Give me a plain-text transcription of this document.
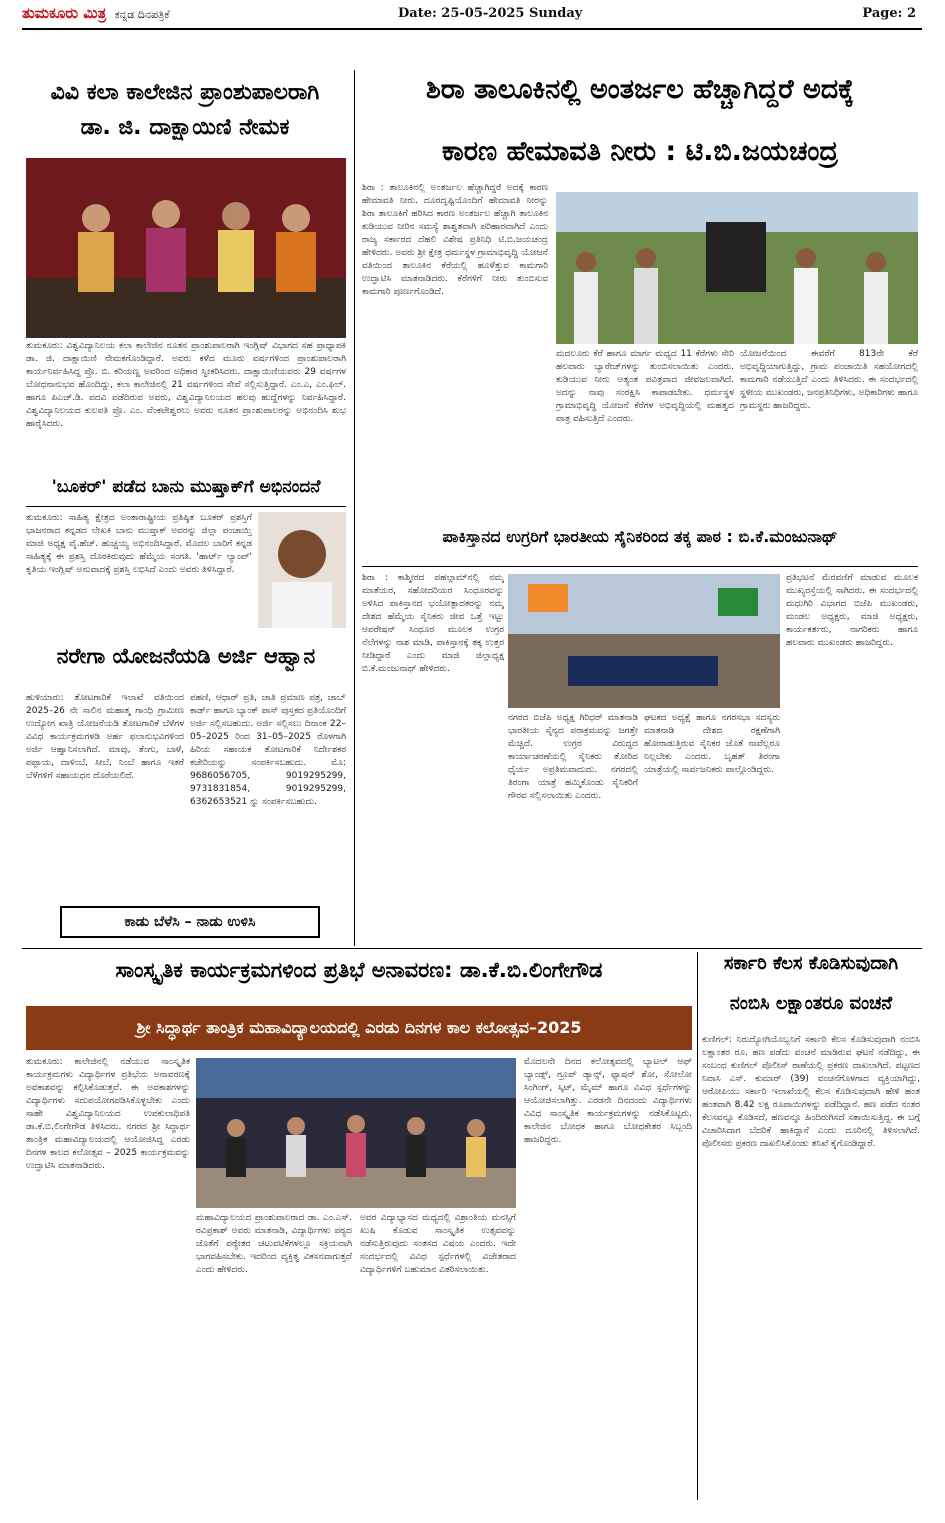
ತುಮಕೂರು ಮಿತ್ರ ಕನ್ನಡ ದಿನಪತ್ರಿಕೆ	Date: 25-05-2025 Sunday	Page: 2
ವಿವಿ ಕಲಾ ಕಾಲೇಜಿನ ಪ್ರಾಂಶುಪಾಲರಾಗಿ
ಡಾ. ಜಿ. ದಾಕ್ಷಾಯಿಣಿ ನೇಮಕ
ತುಮಕೂರು: ವಿಶ್ವವಿದ್ಯಾನಿಲಯ ಕಲಾ ಕಾಲೇಜಿನ ನೂತನ ಪ್ರಾಂಶುಪಾಲರಾಗಿ ಇಂಗ್ಲಿಷ್ ವಿಭಾಗದ ಸಹ ಪ್ರಾಧ್ಯಾಪಕಿ ಡಾ. ಜಿ. ದಾಕ್ಷಾಯಿಣಿ ನೇಮಕಗೊಂಡಿದ್ದಾರೆ. ಅವರು ಕಳೆದ ಮೂರು ವರ್ಷಗಳಿಂದ ಪ್ರಾಂಶುಪಾಲರಾಗಿ ಕಾರ್ಯನಿರ್ವಹಿಸಿದ್ದ ಪ್ರೊ. ಬಿ. ಕರಿಯಣ್ಣ ಅವರಿಂದ ಅಧಿಕಾರ ಸ್ವೀಕರಿಸಿದರು. ದಾಕ್ಷಾಯಿಣಿಯವರು 29 ವರ್ಷಗಳ ಬೋಧನಾನುಭವ ಹೊಂದಿದ್ದು, ಕಲಾ ಕಾಲೇಜಿನಲ್ಲಿ 21 ವರ್ಷಗಳಿಂದ ಸೇವೆ ಸಲ್ಲಿಸುತ್ತಿದ್ದಾರೆ. ಎಂ.ಎ, ಎಂ.ಫಿಲ್. ಹಾಗೂ ಪಿಎಚ್.ಡಿ. ಪದವಿ ಪಡೆದಿರುವ ಅವರು, ವಿಶ್ವವಿದ್ಯಾನಿಲಯದ ಹಲವು ಹುದ್ದೆಗಳನ್ನು ನಿರ್ವಹಿಸಿದ್ದಾರೆ. ವಿಶ್ವವಿದ್ಯಾನಿಲಯದ ಕುಲಪತಿ ಪ್ರೊ. ಎಂ. ವೆಂಕಟೇಶ್ವರಲು ಅವರು ನೂತನ ಪ್ರಾಂಶುಪಾಲರನ್ನು ಅಭಿನಂದಿಸಿ ಶುಭ ಹಾರೈಸಿದರು.
'ಬೂಕರ್' ಪಡೆದ ಬಾನು ಮುಷ್ತಾಕ್‌ಗೆ ಅಭಿನಂದನೆ
ತುಮಕೂರು: ಸಾಹಿತ್ಯ ಕ್ಷೇತ್ರದ ಅಂತಾರಾಷ್ಟ್ರೀಯ ಪ್ರತಿಷ್ಠಿತ ಬೂಕರ್ ಪ್ರಶಸ್ತಿಗೆ ಭಾಜನರಾದ ಕನ್ನಡದ ಲೇಖಕಿ ಬಾನು ಮುಷ್ತಾಕ್ ಅವರನ್ನು ಜಿಲ್ಲಾ ಪಂಚಾಯ್ತಿ ಮಾಜಿ ಅಧ್ಯಕ್ಷ ವೈ.ಹೆಚ್. ಹುಚ್ಚಯ್ಯ ಅಭಿನಂದಿಸಿದ್ದಾರೆ. ಮೊದಲ ಬಾರಿಗೆ ಕನ್ನಡ ಸಾಹಿತ್ಯಕ್ಕೆ ಈ ಪ್ರಶಸ್ತಿ ದೊರಕಿರುವುದು ಹೆಮ್ಮೆಯ ಸಂಗತಿ. 'ಹಾರ್ಟ್ ಲ್ಯಾಂಪ್' ಕೃತಿಯ ಇಂಗ್ಲಿಷ್ ಅನುವಾದಕ್ಕೆ ಪ್ರಶಸ್ತಿ ಲಭಿಸಿದೆ ಎಂದು ಅವರು ತಿಳಿಸಿದ್ದಾರೆ.
ನರೇಗಾ ಯೋಜನೆಯಡಿ ಅರ್ಜಿ ಆಹ್ವಾನ
ಹುಳಿಯಾರು: ತೋಟಗಾರಿಕೆ ಇಲಾಖೆ ವತಿಯಿಂದ 2025–26 ನೇ ಸಾಲಿನ ಮಹಾತ್ಮ ಗಾಂಧಿ ಗ್ರಾಮೀಣ ಉದ್ಯೋಗ ಖಾತ್ರಿ ಯೋಜನೆಯಡಿ ತೋಟಗಾರಿಕೆ ಬೆಳೆಗಳ ವಿವಿಧ ಕಾರ್ಯಕ್ರಮಗಳಡಿ ಅರ್ಹ ಫಲಾನುಭವಿಗಳಿಂದ ಅರ್ಜಿ ಆಹ್ವಾನಿಸಲಾಗಿದೆ. ಮಾವು, ತೆಂಗು, ಬಾಳೆ, ಪಪ್ಪಾಯ, ದಾಳಿಂಬೆ, ಸೀಬೆ, ನಿಂಬೆ ಹಾಗೂ ಇತರೆ ಬೆಳೆಗಳಿಗೆ ಸಹಾಯಧನ ದೊರೆಯಲಿದೆ.
ಪಹಣಿ, ಆಧಾರ್ ಪ್ರತಿ, ಜಾತಿ ಪ್ರಮಾಣ ಪತ್ರ, ಜಾಬ್ ಕಾರ್ಡ್ ಹಾಗೂ ಬ್ಯಾಂಕ್ ಪಾಸ್ ಪುಸ್ತಕದ ಪ್ರತಿಯೊಂದಿಗೆ ಅರ್ಜಿ ಸಲ್ಲಿಸಬಹುದು. ಅರ್ಜಿ ಸಲ್ಲಿಸಲು ದಿನಾಂಕ 22–05–2025 ರಿಂದ 31–05–2025 ರೊಳಗಾಗಿ ಹಿರಿಯ ಸಹಾಯಕ ತೋಟಗಾರಿಕೆ ನಿರ್ದೇಶಕರ ಕಚೇರಿಯನ್ನು ಸಂಪರ್ಕಿಸಬಹುದು. ಮೊ: 9686056705, 9019295299, 9731831854, 9019295299, 6362653521 ನ್ನು ಸಂಪರ್ಕಿಸಬಹುದು.
ಕಾಡು ಬೆಳೆಸಿ – ನಾಡು ಉಳಿಸಿ
ಶಿರಾ ತಾಲೂಕಿನಲ್ಲಿ ಅಂತರ್ಜಲ ಹೆಚ್ಚಾಗಿದ್ದರೆ ಅದಕ್ಕೆ
ಕಾರಣ ಹೇಮಾವತಿ ನೀರು : ಟಿ.ಬಿ.ಜಯಚಂದ್ರ
ಶಿರಾ : ತಾಲೂಕಿನಲ್ಲಿ ಅಂತರ್ಜಲ ಹೆಚ್ಚಾಗಿದ್ದರೆ ಅದಕ್ಕೆ ಕಾರಣ ಹೇಮಾವತಿ ನೀರು. ದೂರದೃಷ್ಟಿಯೊಂದಿಗೆ ಹೇಮಾವತಿ ನೀರನ್ನು ಶಿರಾ ತಾಲೂಕಿಗೆ ಹರಿಸಿದ ಕಾರಣ ಅಂತರ್ಜಲ ಹೆಚ್ಚಾಗಿ ತಾಲೂಕಿನ ಕುಡಿಯುವ ನೀರಿನ ಸಮಸ್ಯೆ ಶಾಶ್ವತವಾಗಿ ಪರಿಹಾರವಾಗಿದೆ ಎಂದು ರಾಜ್ಯ ಸರ್ಕಾರದ ದೆಹಲಿ ವಿಶೇಷ ಪ್ರತಿನಿಧಿ ಟಿ.ಬಿ.ಜಯಚಂದ್ರ ಹೇಳಿದರು. ಅವರು ಶ್ರೀ ಕ್ಷೇತ್ರ ಧರ್ಮಸ್ಥಳ ಗ್ರಾಮಾಭಿವೃದ್ಧಿ ಯೋಜನೆ ವತಿಯಿಂದ ತಾಲೂಕಿನ ಕೆರೆಯಲ್ಲಿ ಹೂಳೆತ್ತುವ ಕಾಮಗಾರಿ ಉದ್ಘಾಟಿಸಿ ಮಾತನಾಡಿದರು. ಕೆರೆಗಳಿಗೆ ನೀರು ತುಂಬಿಸುವ ಕಾಮಗಾರಿ ಪೂರ್ಣಗೊಂಡಿದೆ.
ಮದಲೂರು ಕೆರೆ ಹಾಗೂ ಮಾರ್ಗ ಮಧ್ಯದ 11 ಕೆರೆಗಳು ಸೇರಿ ಹಲವಾರು ಬ್ಯಾರೇಜ್‌ಗಳನ್ನು ತುಂಬಿಸಲಾಯಿತು ಎಂದರು. ಕುಡಿಯುವ ನೀರು ಅತ್ಯಂತ ಪವಿತ್ರವಾದ ಜೀವಜಲವಾಗಿದೆ. ಅದನ್ನು ನಾವು ಸಂರಕ್ಷಿಸಿ ಕಾಪಾಡಬೇಕು. ಧರ್ಮಸ್ಥಳ ಗ್ರಾಮಾಭಿವೃದ್ಧಿ ಯೋಜನೆ ಕೆರೆಗಳ ಅಭಿವೃದ್ಧಿಯಲ್ಲಿ ಮಹತ್ವದ ಪಾತ್ರ ವಹಿಸುತ್ತಿದೆ ಎಂದರು.
ಯೋಜನೆಯಿಂದ ಈವರೆಗೆ 813ನೇ ಕೆರೆ ಅಭಿವೃದ್ಧಿಯಾಗುತ್ತಿದ್ದು, ಗ್ರಾಮ ಪಂಚಾಯಿತಿ ಸಹಯೋಗದಲ್ಲಿ ಕಾಮಗಾರಿ ನಡೆಯುತ್ತಿದೆ ಎಂದು ತಿಳಿಸಿದರು. ಈ ಸಂದರ್ಭದಲ್ಲಿ ಸ್ಥಳೀಯ ಮುಖಂಡರು, ಜನಪ್ರತಿನಿಧಿಗಳು, ಅಧಿಕಾರಿಗಳು ಹಾಗೂ ಗ್ರಾಮಸ್ಥರು ಹಾಜರಿದ್ದರು.
ಪಾಕಿಸ್ತಾನದ ಉಗ್ರರಿಗೆ ಭಾರತೀಯ ಸೈನಿಕರಿಂದ ತಕ್ಕ ಪಾಠ : ಬಿ.ಕೆ.ಮಂಜುನಾಥ್
ಶಿರಾ : ಕಾಶ್ಮೀರದ ಪಹಲ್ಗಾಮ್‌ನಲ್ಲಿ ನಮ್ಮ ಮಾತೆಯರ, ಸಹೋದರಿಯರ ಸಿಂಧೂರವನ್ನು ಅಳಿಸಿದ ಪಾಕಿಸ್ತಾನದ ಭಯೋತ್ಪಾದಕರನ್ನು ನಮ್ಮ ದೇಶದ ಹೆಮ್ಮೆಯ ಸೈನಿಕರು ಜೀವ ಒತ್ತೆ ಇಟ್ಟು ಆಪರೇಷನ್ ಸಿಂಧೂರ ಮೂಲಕ ಉಗ್ರರ ನೆಲೆಗಳನ್ನು ನಾಶ ಮಾಡಿ, ಪಾಕಿಸ್ತಾನಕ್ಕೆ ತಕ್ಕ ಉತ್ತರ ನೀಡಿದ್ದಾರೆ ಎಂದು ಮಾಜಿ ಜಿಲ್ಲಾಧ್ಯಕ್ಷ ಬಿ.ಕೆ.ಮಂಜುನಾಥ್ ಹೇಳಿದರು.
ಪ್ರತಿಭಟನೆ ಮೆರವಣಿಗೆ ಮಾಡುವ ಮೂಲಕ ಮುಖ್ಯರಸ್ತೆಯಲ್ಲಿ ಸಾಗಿದರು. ಈ ಸಂದರ್ಭದಲ್ಲಿ ಮಧುಗಿರಿ ವಿಭಾಗದ ಬಿಜೆಪಿ ಮುಖಂಡರು, ಮಂಡಲ ಅಧ್ಯಕ್ಷರು, ಮಾಜಿ ಅಧ್ಯಕ್ಷರು, ಕಾರ್ಯಕರ್ತರು, ನಾಗರಿಕರು ಹಾಗೂ ಹಲವಾರು ಮುಖಂಡರು ಹಾಜರಿದ್ದರು.
ನಗರದ ಬಿಜೆಪಿ ಅಧ್ಯಕ್ಷ ಗಿರಿಧರ್ ಮಾತನಾಡಿ ಭಾರತೀಯ ಸೈನ್ಯದ ಪರಾಕ್ರಮವನ್ನು ಜಗತ್ತೇ ಮೆಚ್ಚಿದೆ. ಉಗ್ರರ ವಿರುದ್ಧದ ಕಾರ್ಯಾಚರಣೆಯಲ್ಲಿ ಸೈನಿಕರು ತೋರಿದ ಧೈರ್ಯ ಅಪ್ರತಿಮವಾದುದು. ನಗರದಲ್ಲಿ ತಿರಂಗಾ ಯಾತ್ರೆ ಹಮ್ಮಿಕೊಂಡು ಸೈನಿಕರಿಗೆ ಗೌರವ ಸಲ್ಲಿಸಲಾಯಿತು ಎಂದರು.
ಘಟಕದ ಅಧ್ಯಕ್ಷೆ ಹಾಗೂ ನಗರಸಭಾ ಸದಸ್ಯರು ಮಾತನಾಡಿ ದೇಶದ ರಕ್ಷಣೆಗಾಗಿ ಹೋರಾಡುತ್ತಿರುವ ಸೈನಿಕರ ಜೊತೆ ನಾವೆಲ್ಲರೂ ನಿಲ್ಲಬೇಕು ಎಂದರು. ಬೃಹತ್ ತಿರಂಗಾ ಯಾತ್ರೆಯಲ್ಲಿ ಸಾರ್ವಜನಿಕರು ಪಾಲ್ಗೊಂಡಿದ್ದರು.
ಸಾಂಸ್ಕೃತಿಕ ಕಾರ್ಯಕ್ರಮಗಳಿಂದ ಪ್ರತಿಭೆ ಅನಾವರಣ: ಡಾ.ಕೆ.ಬಿ.ಲಿಂಗೇಗೌಡ
ಶ್ರೀ ಸಿದ್ಧಾರ್ಥ ತಾಂತ್ರಿಕ ಮಹಾವಿದ್ಯಾಲಯದಲ್ಲಿ ಎರಡು ದಿನಗಳ ಕಾಲ ಕಲೋತ್ಸವ–2025
ತುಮಕೂರು: ಕಾಲೇಜಿನಲ್ಲಿ ನಡೆಯುವ ಸಾಂಸ್ಕೃತಿಕ ಕಾರ್ಯಕ್ರಮಗಳು ವಿದ್ಯಾರ್ಥಿಗಳ ಪ್ರತಿಭೆಯ ಅನಾವರಣಕ್ಕೆ ಅವಕಾಶವನ್ನು ಕಲ್ಪಿಸಿಕೊಡುತ್ತವೆ. ಈ ಅವಕಾಶಗಳನ್ನು ವಿದ್ಯಾರ್ಥಿಗಳು ಸದುಪಯೋಗಪಡಿಸಿಕೊಳ್ಳಬೇಕು ಎಂದು ಸಾಹೇ ವಿಶ್ವವಿದ್ಯಾನಿಲಯದ ಉಪಕುಲಾಧಿಪತಿ ಡಾ.ಕೆ.ಬಿ.ಲಿಂಗೇಗೌಡ ತಿಳಿಸಿದರು. ನಗರದ ಶ್ರೀ ಸಿದ್ಧಾರ್ಥ ತಾಂತ್ರಿಕ ಮಹಾವಿದ್ಯಾಲಯದಲ್ಲಿ ಆಯೋಜಿಸಿದ್ದ ಎರಡು ದಿನಗಳ ಕಾಲದ ಕಲೋತ್ಸವ – 2025 ಕಾರ್ಯಕ್ರಮವನ್ನು ಉದ್ಘಾಟಿಸಿ ಮಾತನಾಡಿದರು.
ಮಹಾವಿದ್ಯಾಲಯದ ಪ್ರಾಂಶುಪಾಲರಾದ ಡಾ. ಎಂ.ಎಸ್. ರವಿಪ್ರಕಾಶ್ ಅವರು ಮಾತನಾಡಿ, ವಿದ್ಯಾರ್ಥಿಗಳು ಪಠ್ಯದ ಜೊತೆಗೆ ಪಠ್ಯೇತರ ಚಟುವಟಿಕೆಗಳಲ್ಲೂ ಸಕ್ರಿಯವಾಗಿ ಭಾಗವಹಿಸಬೇಕು. ಇದರಿಂದ ವ್ಯಕ್ತಿತ್ವ ವಿಕಸನವಾಗುತ್ತದೆ ಎಂದು ಹೇಳಿದರು.
ಅವರ ವಿದ್ಯಾಭ್ಯಾಸದ ಮಧ್ಯದಲ್ಲಿ ವಿಶ್ರಾಂತಿಯ ಮನಸ್ಸಿಗೆ ಖುಷಿ ಕೊಡುವ ಸಾಂಸ್ಕೃತಿಕ ಉತ್ಸವವನ್ನು ನಡೆಸುತ್ತಿರುವುದು ಸಂತಸದ ವಿಷಯ ಎಂದರು. ಇದೇ ಸಂದರ್ಭದಲ್ಲಿ ವಿವಿಧ ಸ್ಪರ್ಧೆಗಳಲ್ಲಿ ವಿಜೇತರಾದ ವಿದ್ಯಾರ್ಥಿಗಳಿಗೆ ಬಹುಮಾನ ವಿತರಿಸಲಾಯಿತು.
ಮೊದಲನೇ ದಿನದ ಕಲೋತ್ಸವದಲ್ಲಿ ಬ್ಯಾಟಲ್ ಆಫ್ ಬ್ಯಾಂಡ್ಸ್, ಗ್ರೂಪ್ ಡ್ಯಾನ್ಸ್, ಫ್ಯಾಷನ್ ಶೋ, ಸೋಲೋ ಸಿಂಗಿಂಗ್, ಸ್ಕಿಟ್, ಮೈಮ್ ಹಾಗೂ ವಿವಿಧ ಸ್ಪರ್ಧೆಗಳನ್ನು ಆಯೋಜಿಸಲಾಗಿತ್ತು. ಎರಡನೇ ದಿನದಂದು ವಿದ್ಯಾರ್ಥಿಗಳು ವಿವಿಧ ಸಾಂಸ್ಕೃತಿಕ ಕಾರ್ಯಕ್ರಮಗಳನ್ನು ನಡೆಸಿಕೊಟ್ಟರು. ಕಾಲೇಜಿನ ಬೋಧಕ ಹಾಗೂ ಬೋಧಕೇತರ ಸಿಬ್ಬಂದಿ ಹಾಜರಿದ್ದರು.
ಸರ್ಕಾರಿ ಕೆಲಸ ಕೊಡಿಸುವುದಾಗಿ
ನಂಬಿಸಿ ಲಕ್ಷಾಂತರೂ ವಂಚನೆ
ಕುಣಿಗಲ್: ನಿರುದ್ಯೋಗಿಯೊಬ್ಬನಿಗೆ ಸರ್ಕಾರಿ ಕೆಲಸ ಕೊಡಿಸುವುದಾಗಿ ನಂಬಿಸಿ ಲಕ್ಷಾಂತರ ರೂ. ಹಣ ಪಡೆದು ವಂಚನೆ ಮಾಡಿರುವ ಘಟನೆ ನಡೆದಿದ್ದು, ಈ ಸಂಬಂಧ ಕುಣಿಗಲ್ ಪೊಲೀಸ್ ಠಾಣೆಯಲ್ಲಿ ಪ್ರಕರಣ ದಾಖಲಾಗಿದೆ. ಪಟ್ಟಣದ ನಿವಾಸಿ ಎಸ್. ಕುಮಾರ್ (39) ವಂಚನೆಗೊಳಗಾದ ವ್ಯಕ್ತಿಯಾಗಿದ್ದು, ಆರೋಪಿಯು ಸರ್ಕಾರಿ ಇಲಾಖೆಯಲ್ಲಿ ಕೆಲಸ ಕೊಡಿಸುವುದಾಗಿ ಹೇಳಿ ಹಂತ ಹಂತವಾಗಿ 8.42 ಲಕ್ಷ ರೂಪಾಯಿಗಳನ್ನು ಪಡೆದಿದ್ದಾನೆ. ಹಣ ಪಡೆದ ನಂತರ ಕೆಲಸವನ್ನೂ ಕೊಡಿಸದೆ, ಹಣವನ್ನೂ ಹಿಂದಿರುಗಿಸದೆ ಸತಾಯಿಸುತ್ತಿದ್ದ. ಈ ಬಗ್ಗೆ ವಿಚಾರಿಸಿದಾಗ ಬೆದರಿಕೆ ಹಾಕಿದ್ದಾನೆ ಎಂದು ದೂರಿನಲ್ಲಿ ತಿಳಿಸಲಾಗಿದೆ. ಪೊಲೀಸರು ಪ್ರಕರಣ ದಾಖಲಿಸಿಕೊಂಡು ತನಿಖೆ ಕೈಗೊಂಡಿದ್ದಾರೆ.
